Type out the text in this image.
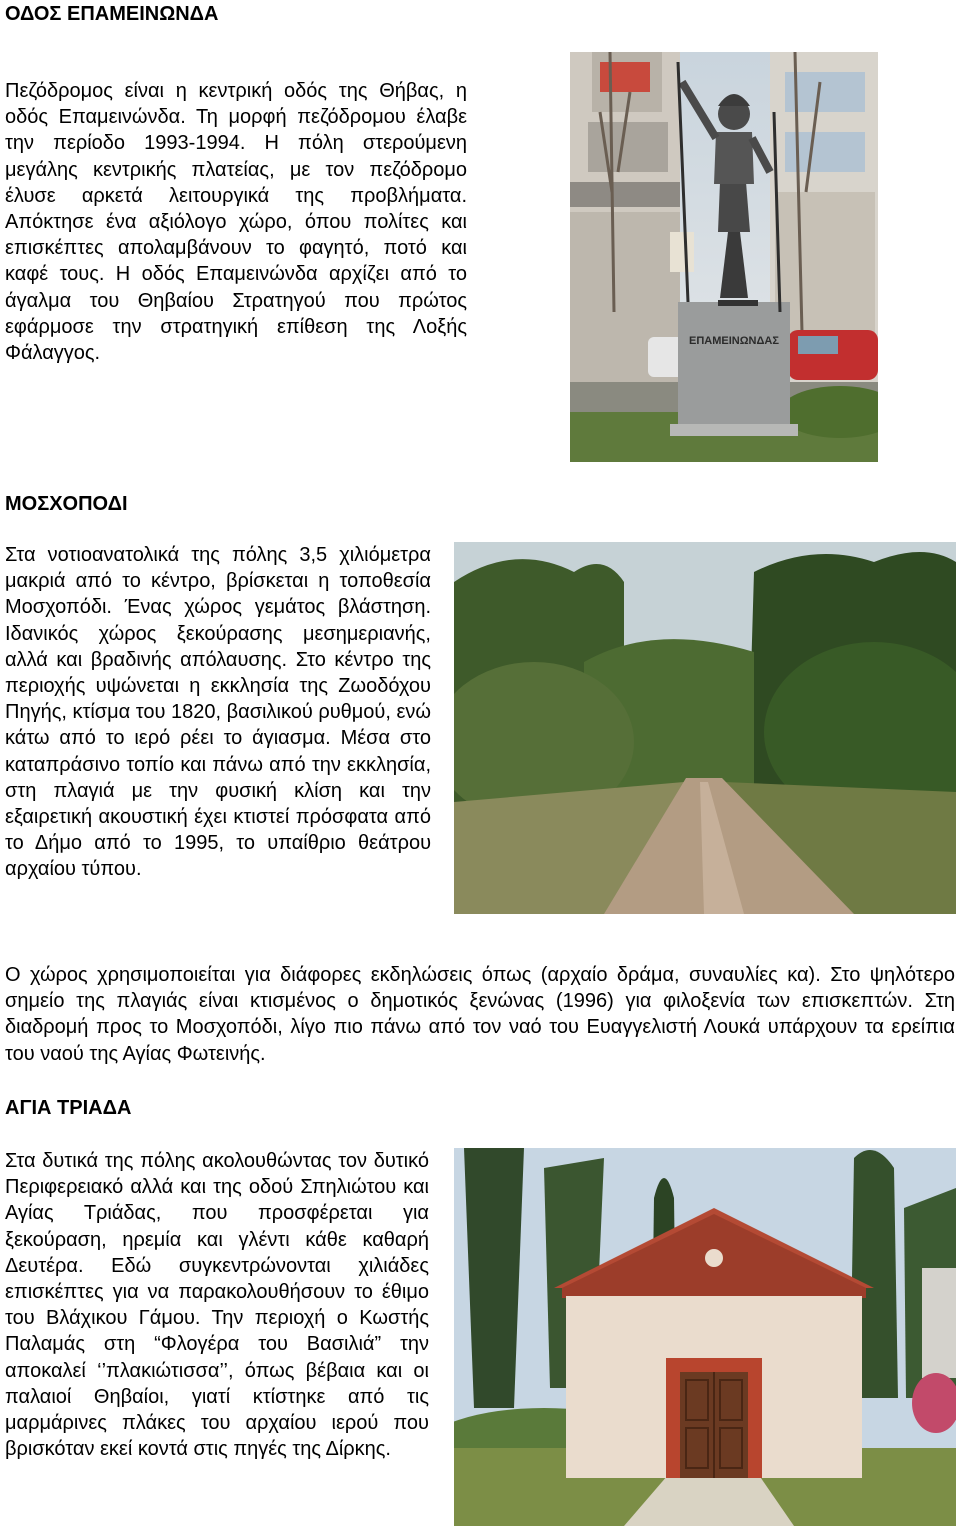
ΟΔΟΣ ΕΠΑΜΕΙΝΩΝΔΑ

Πεζόδρομος είναι η κεντρική οδός της Θήβας, η οδός Επαμεινώνδα. Τη μορφή πεζόδρομου έλαβε την περίοδο 1993-1994. Η πόλη στερούμενη μεγάλης κεντρικής πλατείας, με τον πεζόδρομο έλυσε αρκετά λειτουργικά της προβλήματα. Απόκτησε ένα αξιόλογο χώρο, όπου πολίτες και επισκέπτες απολαμβάνουν το φαγητό, ποτό και καφέ τους. Η οδός Επαμεινώνδα αρχίζει από το άγαλμα του Θηβαίου Στρατηγού που πρώτος εφάρμοσε την στρατηγική επίθεση της Λοξής Φάλαγγος.

ΕΠΑΜΕΙΝΩΝΔΑΣ
ΜΟΣΧΟΠΟΔΙ

Στα νοτιοανατολικά της πόλης 3,5 χιλιόμετρα μακριά από το κέντρο, βρίσκεται η τοποθεσία Μοσχοπόδι. Ένας χώρος γεμάτος βλάστηση. Ιδανικός χώρος ξεκούρασης μεσημεριανής, αλλά και βραδινής απόλαυσης. Στο κέντρο της περιοχής υψώνεται η εκκλησία της Ζωοδόχου Πηγής, κτίσμα του 1820, βασιλικού ρυθμού, ενώ κάτω από το ιερό ρέει το άγιασμα. Μέσα στο καταπράσινο τοπίο και πάνω από την εκκλησία, στη πλαγιά με την φυσική κλίση και την εξαιρετική ακουστική έχει κτιστεί πρόσφατα από το Δήμο από το 1995, το υπαίθριο θεάτρου αρχαίου τύπου.

Ο χώρος χρησιμοποιείται για διάφορες εκδηλώσεις όπως (αρχαίο δράμα, συναυλίες κα). Στο ψηλότερο σημείο της πλαγιάς είναι κτισμένος ο δημοτικός ξενώνας (1996) για φιλοξενία των επισκεπτών. Στη διαδρομή προς το Μοσχοπόδι, λίγο πιο πάνω από τον ναό του Ευαγγελιστή Λουκά υπάρχουν τα ερείπια του ναού της Αγίας Φωτεινής.

ΑΓΙΑ ΤΡΙΑΔΑ

Στα δυτικά της πόλης ακολουθώντας τον δυτικό Περιφερειακό αλλά και της οδού Σπηλιώτου και Αγίας Τριάδας, που προσφέρεται για ξεκούραση, ηρεμία και γλέντι κάθε καθαρή Δευτέρα. Εδώ συγκεντρώνονται χιλιάδες επισκέπτες για να παρακολουθήσουν το έθιμο του Βλάχικου Γάμου. Την περιοχή ο Κωστής Παλαμάς στη “Φλογέρα του Βασιλιά” την αποκαλεί ‘’πλακιώτισσα’’, όπως βέβαια και οι παλαιοί Θηβαίοι, γιατί κτίστηκε από τις μαρμάρινες πλάκες του αρχαίου ιερού που βρισκόταν εκεί κοντά στις πηγές της Δίρκης.
